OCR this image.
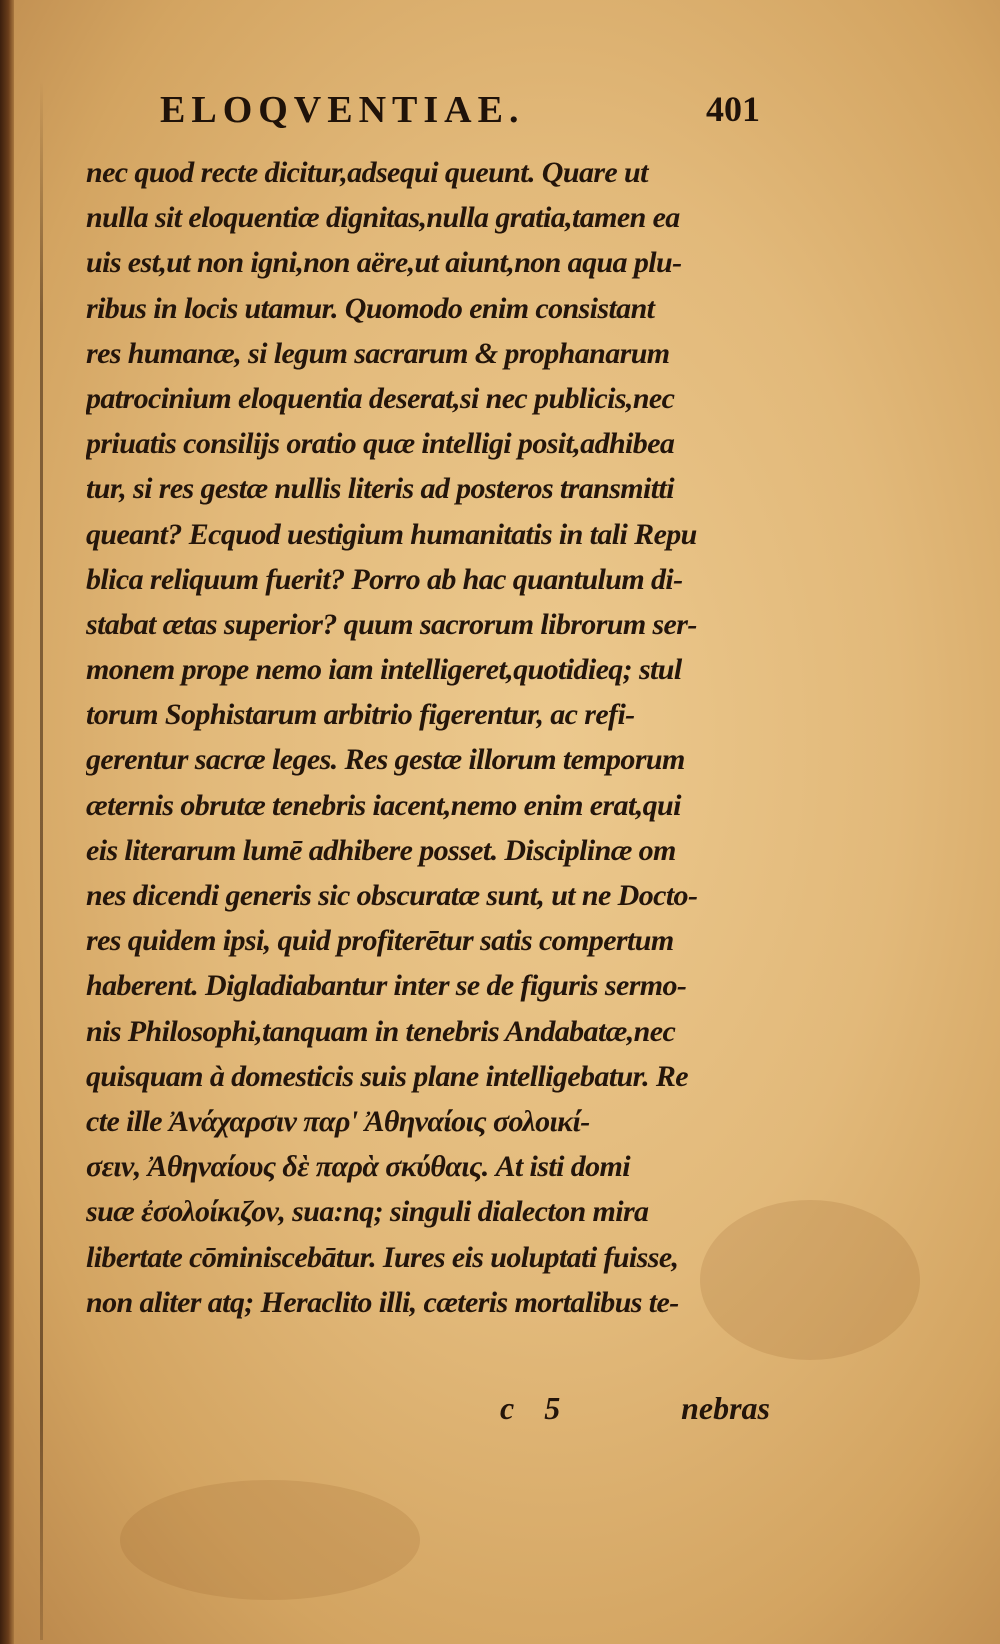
ELOQVENTIAE.	401
nec quod recte dicitur,adsequi queunt. Quare ut
nulla sit eloquentiæ dignitas,nulla gratia,tamen ea
uis est,ut non igni,non aëre,ut aiunt,non aqua plu-
ribus in locis utamur. Quomodo enim consistant
res humanæ, si legum sacrarum & prophanarum
patrocinium eloquentia deserat,si nec publicis,nec
priuatis consilijs oratio quæ intelligi posit,adhibea
tur, si res gestæ nullis literis ad posteros transmitti
queant? Ecquod uestigium humanitatis in tali Repu
blica reliquum fuerit? Porro ab hac quantulum di-
stabat ætas superior? quum sacrorum librorum ser-
monem prope nemo iam intelligeret,quotidieq; stul
torum Sophistarum arbitrio figerentur, ac refi-
gerentur sacræ leges. Res gestæ illorum temporum
æternis obrutæ tenebris iacent,nemo enim erat,qui
eis literarum lumē adhibere posset. Disciplinæ om
nes dicendi generis sic obscuratæ sunt, ut ne Docto-
res quidem ipsi, quid profiterētur satis compertum
haberent. Digladiabantur inter se de figuris sermo-
nis Philosophi,tanquam in tenebris Andabatæ,nec
quisquam à domesticis suis plane intelligebatur. Re
cte ille Ἀνάχαρσιν παρ' Ἀθηναίοις σολοικί-
σειν, Ἀθηναίους δὲ παρὰ σκύθαις. At isti domi
suæ ἐσολοίκιζον, sua:nq; singuli dialecton mira
libertate cōminiscebātur. Iures eis uoluptati fuisse,
non aliter atq; Heraclito illi, cæteris mortalibus te-
c 5	nebras
